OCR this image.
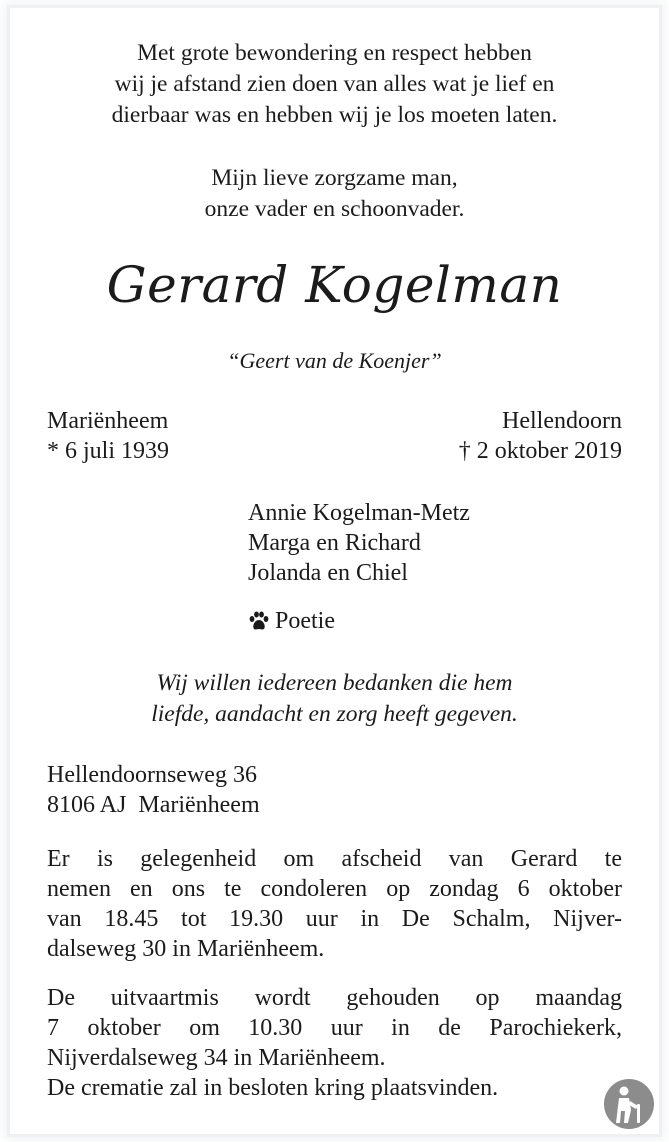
Met grote bewondering en respect hebben
wij je afstand zien doen van alles wat je lief en
dierbaar was en hebben wij je los moeten laten.
Mijn lieve zorgzame man,
onze vader en schoonvader.
Gerard Kogelman
“Geert van de Koenjer”
Mariënheem
* 6 juli 1939
Hellendoorn
† 2 oktober 2019
Annie Kogelman-Metz
Marga en Richard
Jolanda en Chiel
Poetie
Wij willen iedereen bedanken die hem
liefde, aandacht en zorg heeft gegeven.
Hellendoornseweg 36
8106 AJ  Mariënheem
Er is gelegenheid om afscheid van Gerard te
nemen en ons te condoleren op zondag 6 oktober
van 18.45 tot 19.30 uur in De Schalm, Nijver-
dalseweg 30 in Mariënheem.
De uitvaartmis wordt gehouden op maandag
7 oktober om 10.30 uur in de Parochiekerk,
Nijverdalseweg 34 in Mariënheem.
De crematie zal in besloten kring plaatsvinden.
